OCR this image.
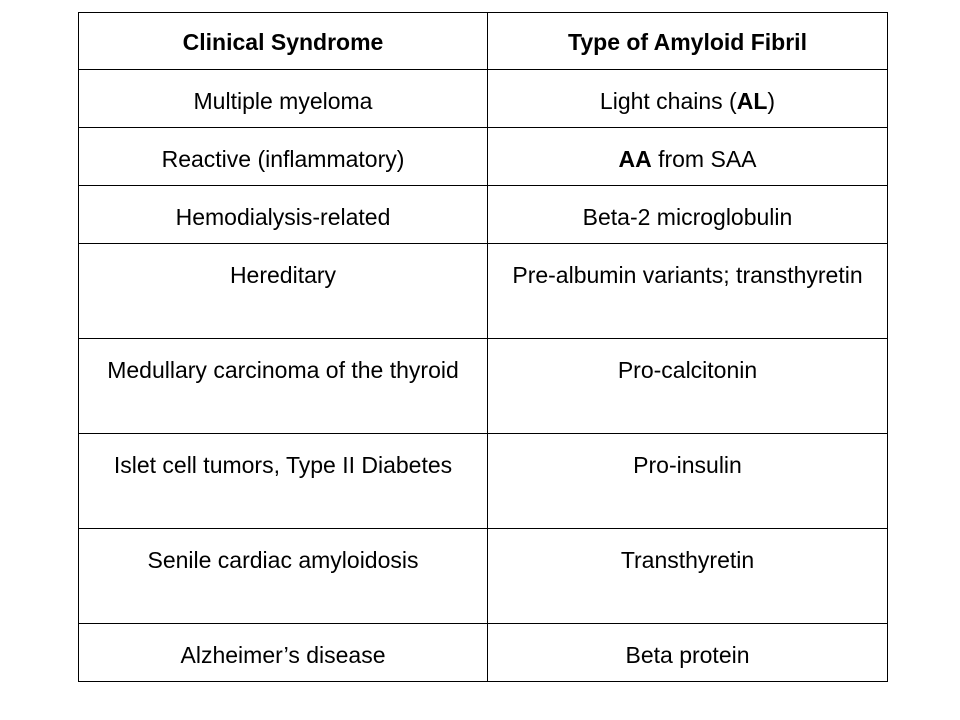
Clinical Syndrome	Type of Amyloid Fibril
Multiple myeloma	Light chains (AL)
Reactive (inflammatory)	AA from SAA
Hemodialysis-related	Beta-2 microglobulin
Hereditary	Pre-albumin variants; transthyretin
Medullary carcinoma of the thyroid	Pro-calcitonin
Islet cell tumors, Type II Diabetes	Pro-insulin
Senile cardiac amyloidosis	Transthyretin
Alzheimer’s disease	Beta protein
